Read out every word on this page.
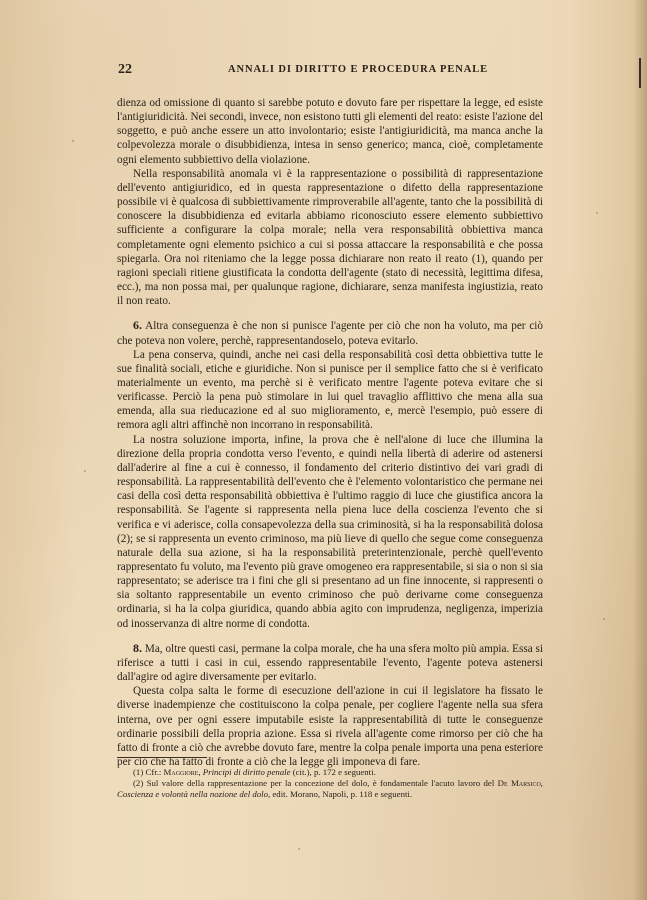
22	ANNALI DI DIRITTO E PROCEDURA PENALE

dienza od omissione di quanto si sarebbe potuto e dovuto fare per rispettare la legge, ed esiste l'antigiuridicità. Nei secondi, invece, non esistono tutti gli elementi del reato: esiste l'azione del soggetto, e può anche essere un atto involontario; esiste l'antigiuridicità, ma manca anche la colpevolezza morale o disubbidienza, intesa in senso generico; manca, cioè, completamente ogni elemento subbiettivo della violazione.

Nella responsabilità anomala vi è la rappresentazione o possibilità di rappresentazione dell'evento antigiuridico, ed in questa rappresentazione o difetto della rappresentazione possibile vi è qualcosa di subbiettivamente rimproverabile all'agente, tanto che la possibilità di conoscere la disubbidienza ed evitarla abbiamo riconosciuto essere elemento subbiettivo sufficiente a configurare la colpa morale; nella vera responsabilità obbiettiva manca completamente ogni elemento psichico a cui si possa attaccare la responsabilità e che possa spiegarla. Ora noi riteniamo che la legge possa dichiarare non reato il reato (1), quando per ragioni speciali ritiene giustificata la condotta dell'agente (stato di necessità, legittima difesa, ecc.), ma non possa mai, per qualunque ragione, dichiarare, senza manifesta ingiustizia, reato il non reato.

6. Altra conseguenza è che non si punisce l'agente per ciò che non ha voluto, ma per ciò che poteva non volere, perchè, rappresentandoselo, poteva evitarlo.

La pena conserva, quindi, anche nei casi della responsabilità così detta obbiettiva tutte le sue finalità sociali, etiche e giuridiche. Non si punisce per il semplice fatto che si è verificato materialmente un evento, ma perchè si è verificato mentre l'agente poteva evitare che si verificasse. Perciò la pena può stimolare in lui quel travaglio afflittivo che mena alla sua emenda, alla sua rieducazione ed al suo miglioramento, e, mercè l'esempio, può essere di remora agli altri affinchè non incorrano in responsabilità.

La nostra soluzione importa, infine, la prova che è nell'alone di luce che illumina la direzione della propria condotta verso l'evento, e quindi nella libertà di aderire od astenersi dall'aderire al fine a cui è connesso, il fondamento del criterio distintivo dei vari gradi di responsabilità. La rappresentabilità dell'evento che è l'elemento volontaristico che permane nei casi della così detta responsabilità obbiettiva è l'ultimo raggio di luce che giustifica ancora la responsabilità. Se l'agente si rappresenta nella piena luce della coscienza l'evento che si verifica e vi aderisce, colla consapevolezza della sua criminosità, si ha la responsabilità dolosa (2); se si rappresenta un evento criminoso, ma più lieve di quello che segue come conseguenza naturale della sua azione, si ha la responsabilità preterintenzionale, perchè quell'evento rappresentato fu voluto, ma l'evento più grave omogeneo era rappresentabile, si sia o non si sia rappresentato; se aderisce tra i fini che gli si presentano ad un fine innocente, si rappresenti o sia soltanto rappresentabile un evento criminoso che può derivarne come conseguenza ordinaria, si ha la colpa giuridica, quando abbia agito con imprudenza, negligenza, imperizia od inosservanza di altre norme di condotta.

8. Ma, oltre questi casi, permane la colpa morale, che ha una sfera molto più ampia. Essa si riferisce a tutti i casi in cui, essendo rappresentabile l'evento, l'agente poteva astenersi dall'agire od agire diversamente per evitarlo.

Questa colpa salta le forme di esecuzione dell'azione in cui il legislatore ha fissato le diverse inadempienze che costituiscono la colpa penale, per cogliere l'agente nella sua sfera interna, ove per ogni essere imputabile esiste la rappresentabilità di tutte le conseguenze ordinarie possibili della propria azione. Essa si rivela all'agente come rimorso per ciò che ha fatto di fronte a ciò che avrebbe dovuto fare, mentre la colpa penale importa una pena esteriore per ciò che ha fatto di fronte a ciò che la legge gli imponeva di fare.

(1) Cfr.: Maggiore, Principi di diritto penale (cit.), p. 172 e seguenti.

(2) Sul valore della rappresentazione per la concezione del dolo, è fondamentale l'acuto lavoro del De Marsico, Coscienza e volontà nella nozione del dolo, edit. Morano, Napoli, p. 118 e seguenti.
